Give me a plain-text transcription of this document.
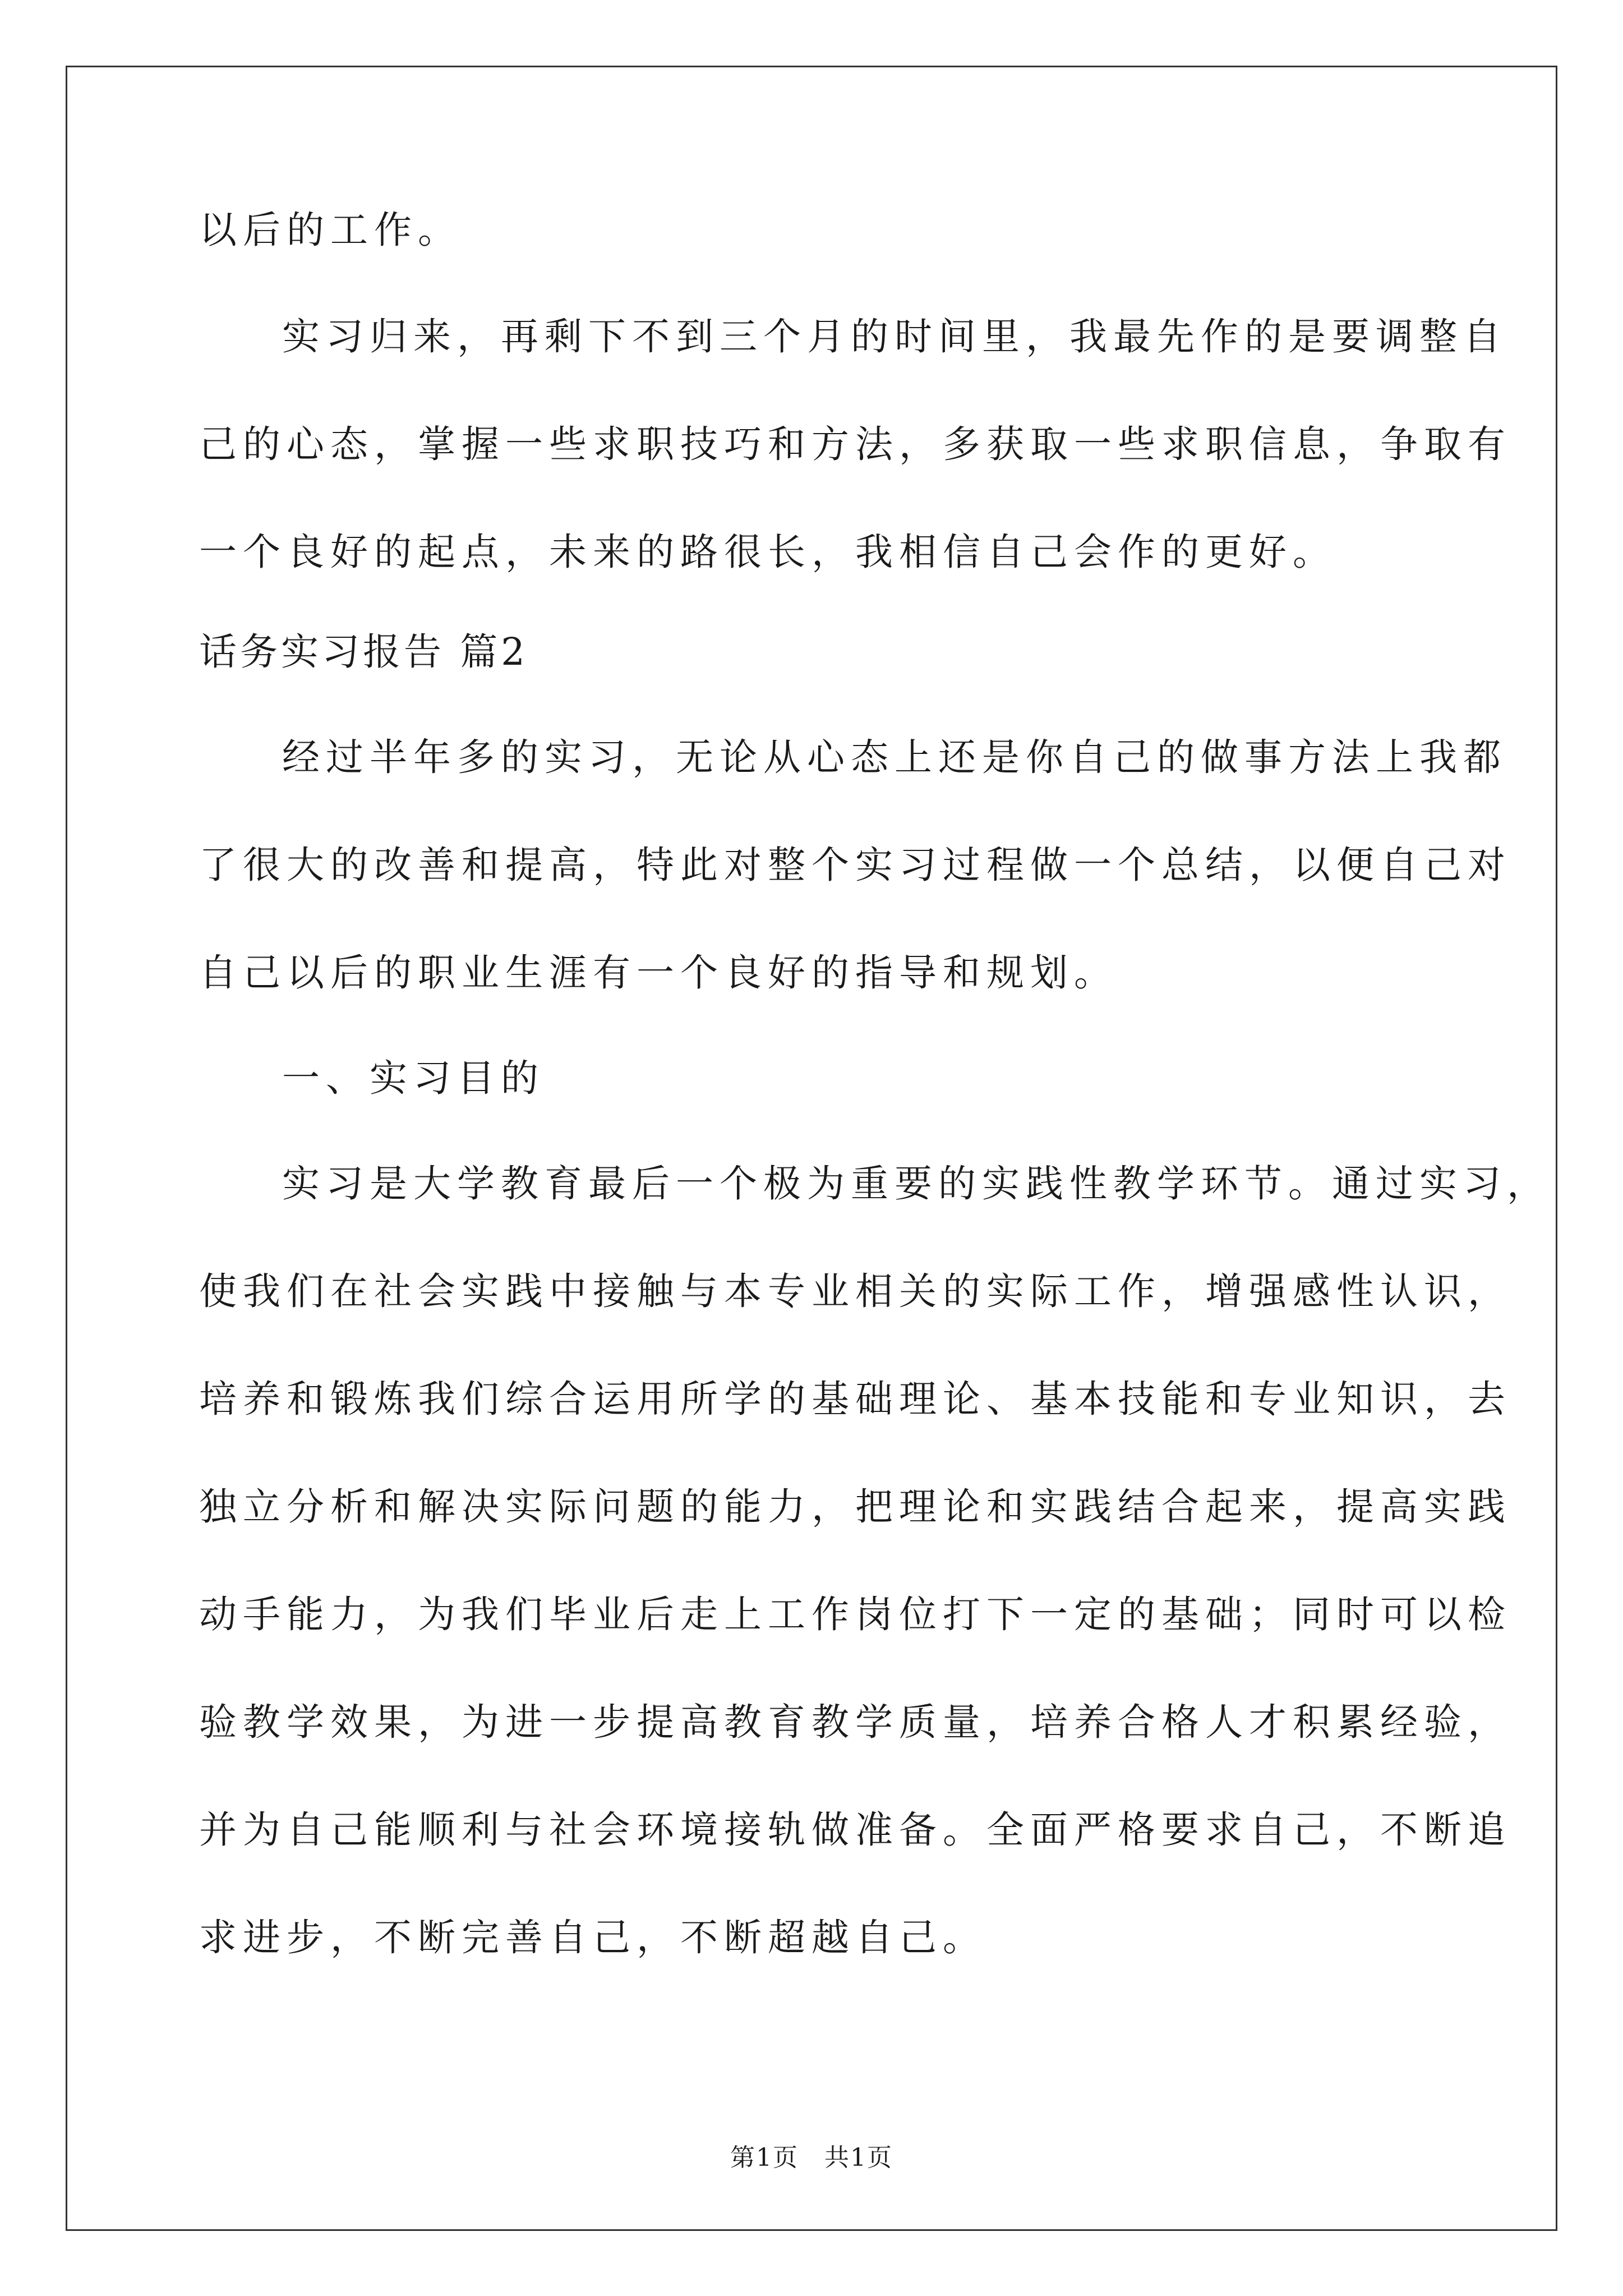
以后的工作。
实习归来，再剩下不到三个月的时间里，我最先作的是要调整自
己的心态，掌握一些求职技巧和方法，多获取一些求职信息，争取有
一个良好的起点，未来的路很长，我相信自己会作的更好。
话务实习报告 篇2
经过半年多的实习，无论从心态上还是你自己的做事方法上我都
了很大的改善和提高，特此对整个实习过程做一个总结，以便自己对
自己以后的职业生涯有一个良好的指导和规划。
一、实习目的
实习是大学教育最后一个极为重要的实践性教学环节。通过实习，
使我们在社会实践中接触与本专业相关的实际工作，增强感性认识，
培养和锻炼我们综合运用所学的基础理论、基本技能和专业知识，去
独立分析和解决实际问题的能力，把理论和实践结合起来，提高实践
动手能力，为我们毕业后走上工作岗位打下一定的基础；同时可以检
验教学效果，为进一步提高教育教学质量，培养合格人才积累经验，
并为自己能顺利与社会环境接轨做准备。全面严格要求自己，不断追
求进步，不断完善自己，不断超越自己。
第1页　共1页
